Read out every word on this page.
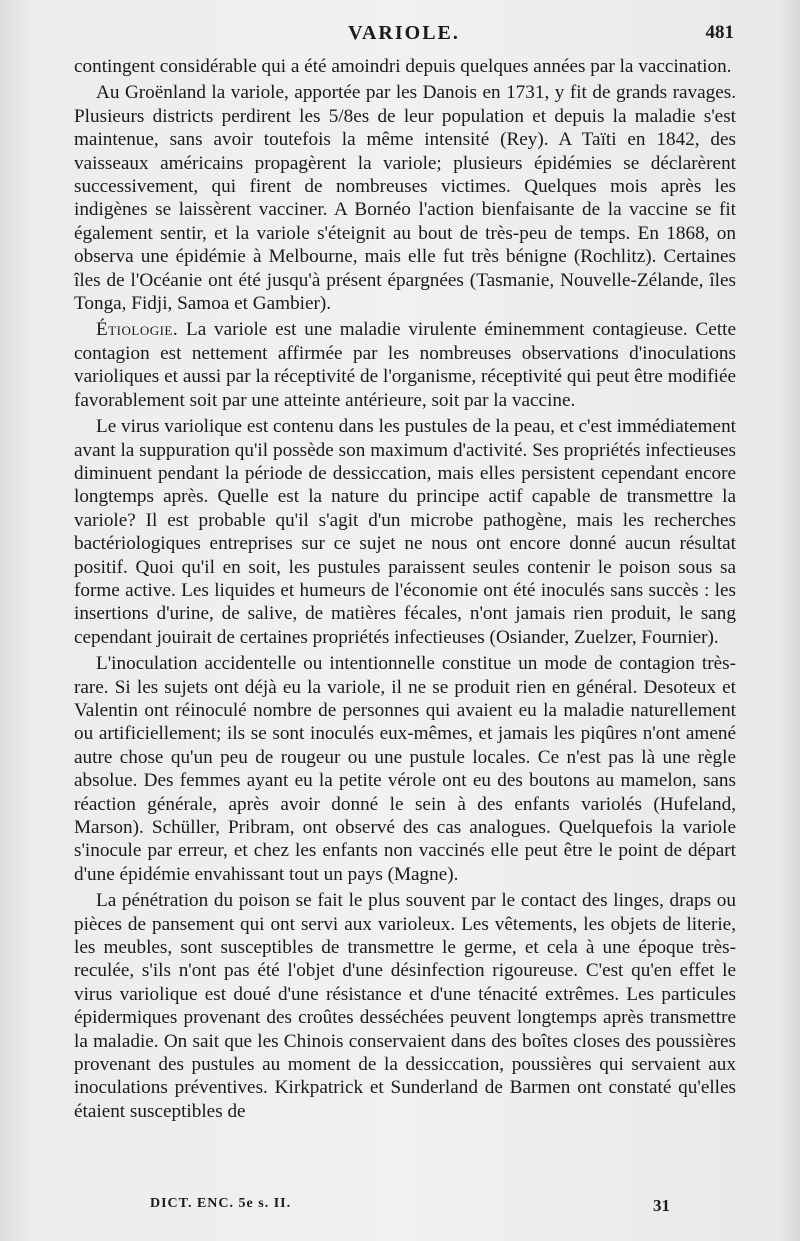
VARIOLE.	481

contingent considérable qui a été amoindri depuis quelques années par la vaccination.

Au Groënland la variole, apportée par les Danois en 1731, y fit de grands ravages. Plusieurs districts perdirent les 5/8es de leur population et depuis la maladie s'est maintenue, sans avoir toutefois la même intensité (Rey). A Taïti en 1842, des vaisseaux américains propagèrent la variole; plusieurs épidémies se déclarèrent successivement, qui firent de nombreuses victimes. Quelques mois après les indigènes se laissèrent vacciner. A Bornéo l'action bienfaisante de la vaccine se fit également sentir, et la variole s'éteignit au bout de très-peu de temps. En 1868, on observa une épidémie à Melbourne, mais elle fut très bénigne (Rochlitz). Certaines îles de l'Océanie ont été jusqu'à présent épargnées (Tasmanie, Nouvelle-Zélande, îles Tonga, Fidji, Samoa et Gambier).

Étiologie. La variole est une maladie virulente éminemment contagieuse. Cette contagion est nettement affirmée par les nombreuses observations d'inoculations varioliques et aussi par la réceptivité de l'organisme, réceptivité qui peut être modifiée favorablement soit par une atteinte antérieure, soit par la vaccine.

Le virus variolique est contenu dans les pustules de la peau, et c'est immédiatement avant la suppuration qu'il possède son maximum d'activité. Ses propriétés infectieuses diminuent pendant la période de dessiccation, mais elles persistent cependant encore longtemps après. Quelle est la nature du principe actif capable de transmettre la variole? Il est probable qu'il s'agit d'un microbe pathogène, mais les recherches bactériologiques entreprises sur ce sujet ne nous ont encore donné aucun résultat positif. Quoi qu'il en soit, les pustules paraissent seules contenir le poison sous sa forme active. Les liquides et humeurs de l'économie ont été inoculés sans succès : les insertions d'urine, de salive, de matières fécales, n'ont jamais rien produit, le sang cependant jouirait de certaines propriétés infectieuses (Osiander, Zuelzer, Fournier).

L'inoculation accidentelle ou intentionnelle constitue un mode de contagion très-rare. Si les sujets ont déjà eu la variole, il ne se produit rien en général. Desoteux et Valentin ont réinoculé nombre de personnes qui avaient eu la maladie naturellement ou artificiellement; ils se sont inoculés eux-mêmes, et jamais les piqûres n'ont amené autre chose qu'un peu de rougeur ou une pustule locales. Ce n'est pas là une règle absolue. Des femmes ayant eu la petite vérole ont eu des boutons au mamelon, sans réaction générale, après avoir donné le sein à des enfants variolés (Hufeland, Marson). Schüller, Pribram, ont observé des cas analogues. Quelquefois la variole s'inocule par erreur, et chez les enfants non vaccinés elle peut être le point de départ d'une épidémie envahissant tout un pays (Magne).

La pénétration du poison se fait le plus souvent par le contact des linges, draps ou pièces de pansement qui ont servi aux varioleux. Les vêtements, les objets de literie, les meubles, sont susceptibles de transmettre le germe, et cela à une époque très-reculée, s'ils n'ont pas été l'objet d'une désinfection rigoureuse. C'est qu'en effet le virus variolique est doué d'une résistance et d'une ténacité extrêmes. Les particules épidermiques provenant des croûtes desséchées peuvent longtemps après transmettre la maladie. On sait que les Chinois conservaient dans des boîtes closes des poussières provenant des pustules au moment de la dessiccation, poussières qui servaient aux inoculations préventives. Kirkpatrick et Sunderland de Barmen ont constaté qu'elles étaient susceptibles de

DICT. ENC. 5e s. II.	31
